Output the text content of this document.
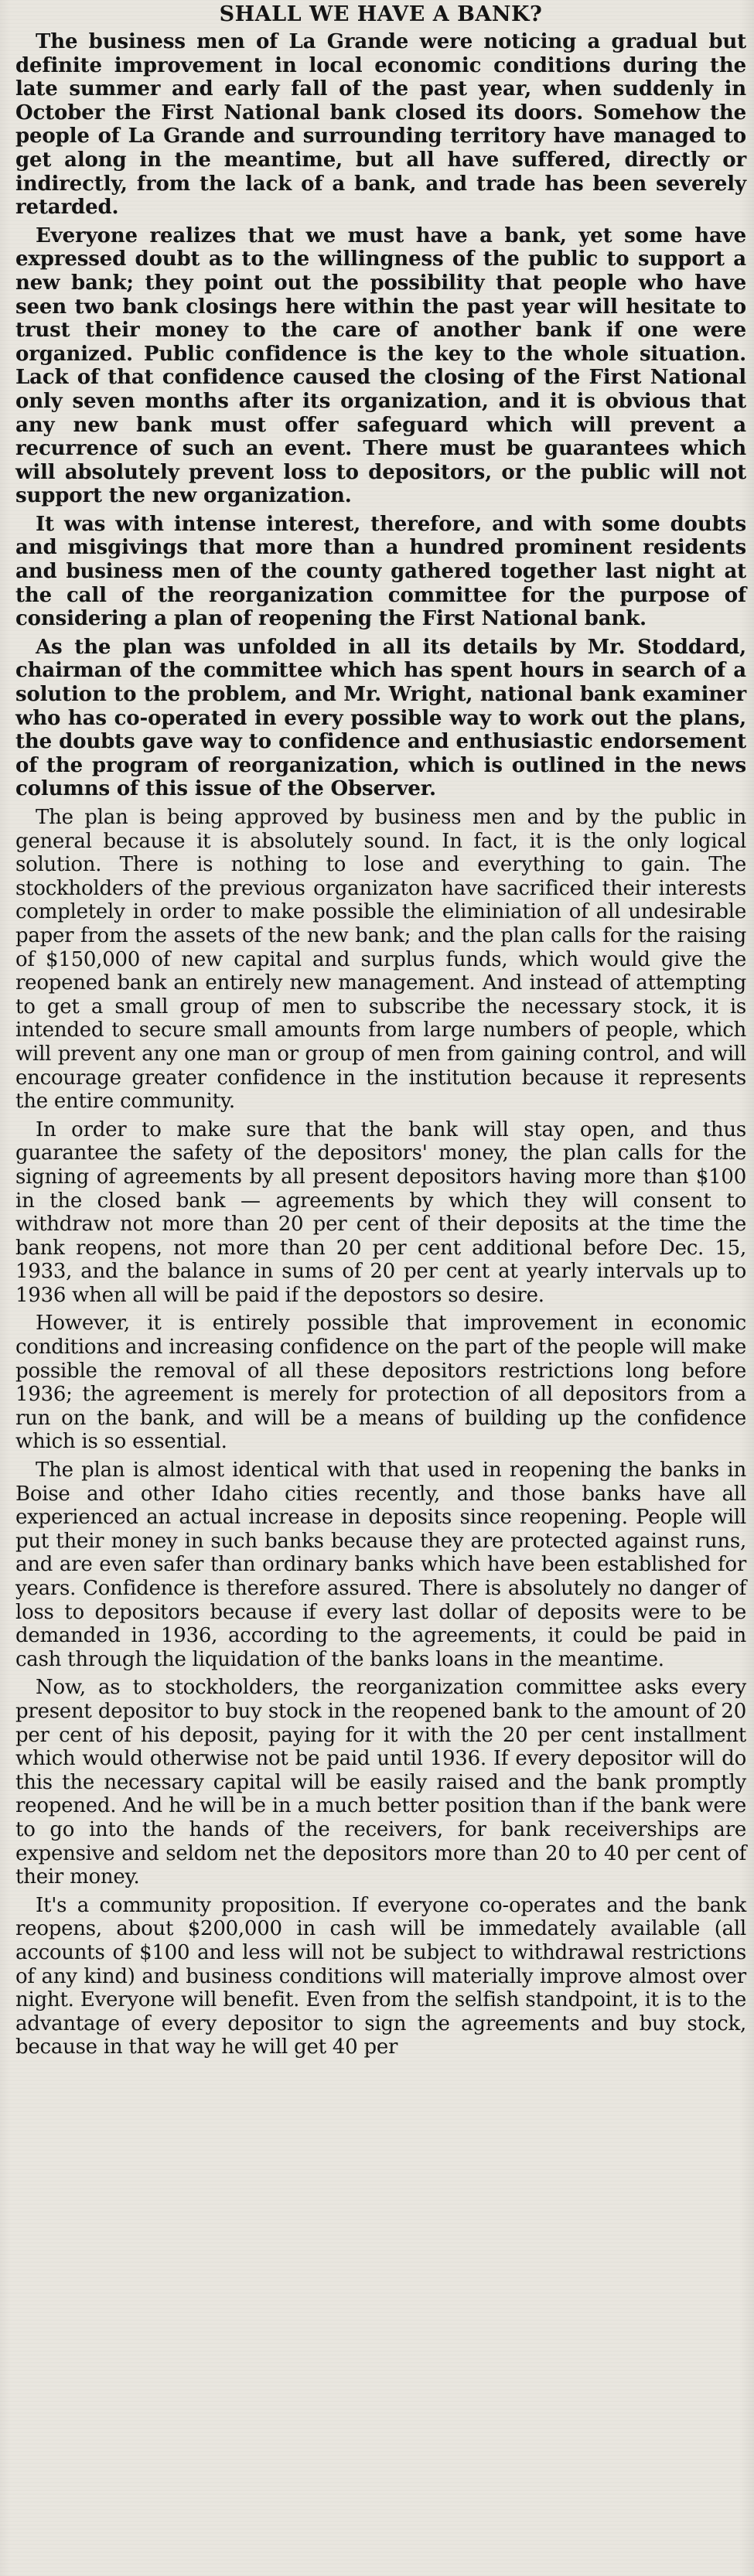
SHALL WE HAVE A BANK?

The business men of La Grande were noticing a gradual but definite improvement in local economic conditions during the late summer and early fall of the past year, when suddenly in October the First National bank closed its doors. Somehow the people of La Grande and surrounding territory have managed to get along in the meantime, but all have suffered, directly or indirectly, from the lack of a bank, and trade has been severely retarded.

Everyone realizes that we must have a bank, yet some have expressed doubt as to the willingness of the public to support a new bank; they point out the possibility that people who have seen two bank closings here within the past year will hesitate to trust their money to the care of another bank if one were organized. Public confidence is the key to the whole situation. Lack of that confidence caused the closing of the First National only seven months after its organization, and it is obvious that any new bank must offer safeguard which will prevent a recurrence of such an event. There must be guarantees which will absolutely prevent loss to depositors, or the public will not support the new organization.

It was with intense interest, therefore, and with some doubts and misgivings that more than a hundred prominent residents and business men of the county gathered together last night at the call of the reorganization committee for the purpose of considering a plan of reopening the First National bank.

As the plan was unfolded in all its details by Mr. Stoddard, chairman of the committee which has spent hours in search of a solution to the problem, and Mr. Wright, national bank examiner who has co-operated in every possible way to work out the plans, the doubts gave way to confidence and enthusiastic endorsement of the program of reorganization, which is outlined in the news columns of this issue of the Observer.

The plan is being approved by business men and by the public in general because it is absolutely sound. In fact, it is the only logical solution. There is nothing to lose and everything to gain. The stockholders of the previous organizaton have sacrificed their interests completely in order to make possible the eliminiation of all undesirable paper from the assets of the new bank; and the plan calls for the raising of $150,000 of new capital and surplus funds, which would give the reopened bank an entirely new management. And instead of attempting to get a small group of men to subscribe the necessary stock, it is intended to secure small amounts from large numbers of people, which will prevent any one man or group of men from gaining control, and will encourage greater confidence in the institution because it represents the entire community.

In order to make sure that the bank will stay open, and thus guarantee the safety of the depositors' money, the plan calls for the signing of agreements by all present depositors having more than $100 in the closed bank — agreements by which they will consent to withdraw not more than 20 per cent of their deposits at the time the bank reopens, not more than 20 per cent additional before Dec. 15, 1933, and the balance in sums of 20 per cent at yearly intervals up to 1936 when all will be paid if the depostors so desire.

However, it is entirely possible that improvement in economic conditions and increasing confidence on the part of the people will make possible the removal of all these depositors restrictions long before 1936; the agreement is merely for protection of all depositors from a run on the bank, and will be a means of building up the confidence which is so essential.

The plan is almost identical with that used in reopening the banks in Boise and other Idaho cities recently, and those banks have all experienced an actual increase in deposits since reopening. People will put their money in such banks because they are protected against runs, and are even safer than ordinary banks which have been established for years. Confidence is therefore assured. There is absolutely no danger of loss to depositors because if every last dollar of deposits were to be demanded in 1936, according to the agreements, it could be paid in cash through the liquidation of the banks loans in the meantime.

Now, as to stockholders, the reorganization committee asks every present depositor to buy stock in the reopened bank to the amount of 20 per cent of his deposit, paying for it with the 20 per cent installment which would otherwise not be paid until 1936. If every depositor will do this the necessary capital will be easily raised and the bank promptly reopened. And he will be in a much better position than if the bank were to go into the hands of the receivers, for bank receiverships are expensive and seldom net the depositors more than 20 to 40 per cent of their money.

It's a community proposition. If everyone co-operates and the bank reopens, about $200,000 in cash will be immedately available (all accounts of $100 and less will not be subject to withdrawal restrictions of any kind) and business conditions will materially improve almost over night. Everyone will benefit. Even from the selfish standpoint, it is to the advantage of every depositor to sign the agreements and buy stock, because in that way he will get 40 per
